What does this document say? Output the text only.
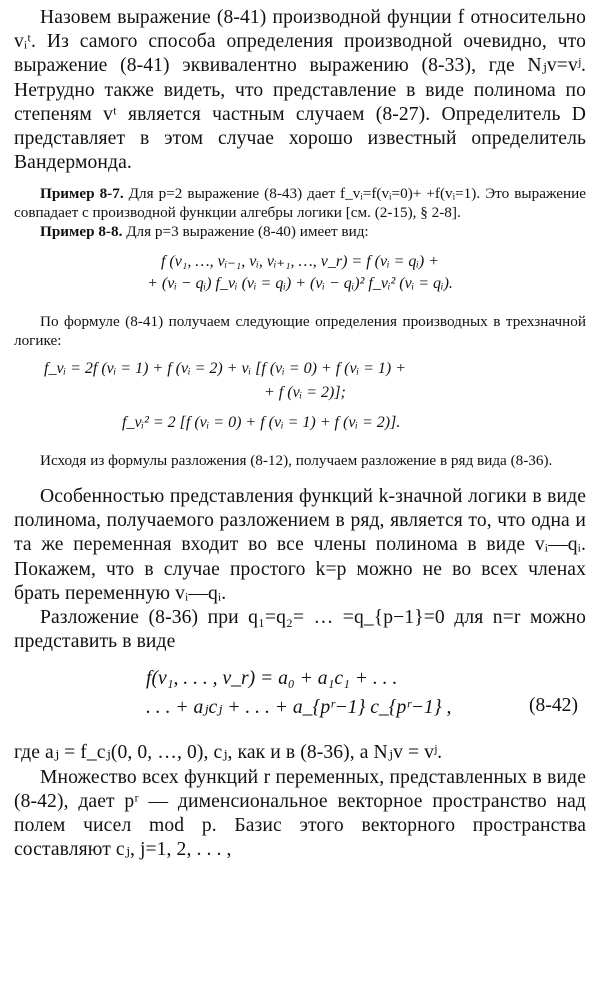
Назовем выражение (8-41) производной фунции f относительно vᵢᵗ. Из самого способа определения производной очевидно, что выражение (8-41) эквивалентно выражению (8-33), где Nⱼv=vʲ. Нетрудно также видеть, что представление в виде полинома по степеням vᵗ является частным случаем (8-27). Определитель D представляет в этом случае хорошо известный определитель Вандермонда.

Пример 8-7. Для p=2 выражение (8-43) дает f_vᵢ=f(vᵢ=0)+ +f(vᵢ=1). Это выражение совпадает с производной функции алгебры логики [см. (2-15), § 2-8].

Пример 8-8. Для p=3 выражение (8-40) имеет вид:

f (v₁, …, vᵢ₋₁, vᵢ, vᵢ₊₁, …, v_r) = f (vᵢ = qᵢ) +
+ (vᵢ − qᵢ) f_vᵢ (vᵢ = qᵢ) + (vᵢ − qᵢ)² f_vᵢ² (vᵢ = qᵢ).

По формуле (8-41) получаем следующие определения производных в трехзначной логике:

f_vᵢ = 2f (vᵢ = 1) + f (vᵢ = 2) + vᵢ [f (vᵢ = 0) + f (vᵢ = 1) +
+ f (vᵢ = 2)];
f_vᵢ² = 2 [f (vᵢ = 0) + f (vᵢ = 1) + f (vᵢ = 2)].

Исходя из формулы разложения (8-12), получаем разложение в ряд вида (8-36).

Особенностью представления функций k-значной логики в виде полинома, получаемого разложением в ряд, является то, что одна и та же переменная входит во все члены полинома в виде vᵢ—qᵢ. Покажем, что в случае простого k=p можно не во всех членах брать переменную vᵢ—qᵢ.

Разложение (8-36) при q₁=q₂= … =q_{p−1}=0 для n=r можно представить в виде

f(v₁, . . . , v_r) = a₀ + a₁c₁ + . . .
. . . + aⱼcⱼ + . . . + a_{pʳ−1} c_{pʳ−1} ,	(8-42)

где aⱼ = f_cⱼ(0, 0, …, 0), cⱼ, как и в (8-36), а Nⱼv = vʲ.

Множество всех функций r переменных, представленных в виде (8-42), дает pʳ — дименсиональное векторное пространство над полем чисел mod p. Базис этого векторного пространства составляют cⱼ, j=1, 2, . . . ,
